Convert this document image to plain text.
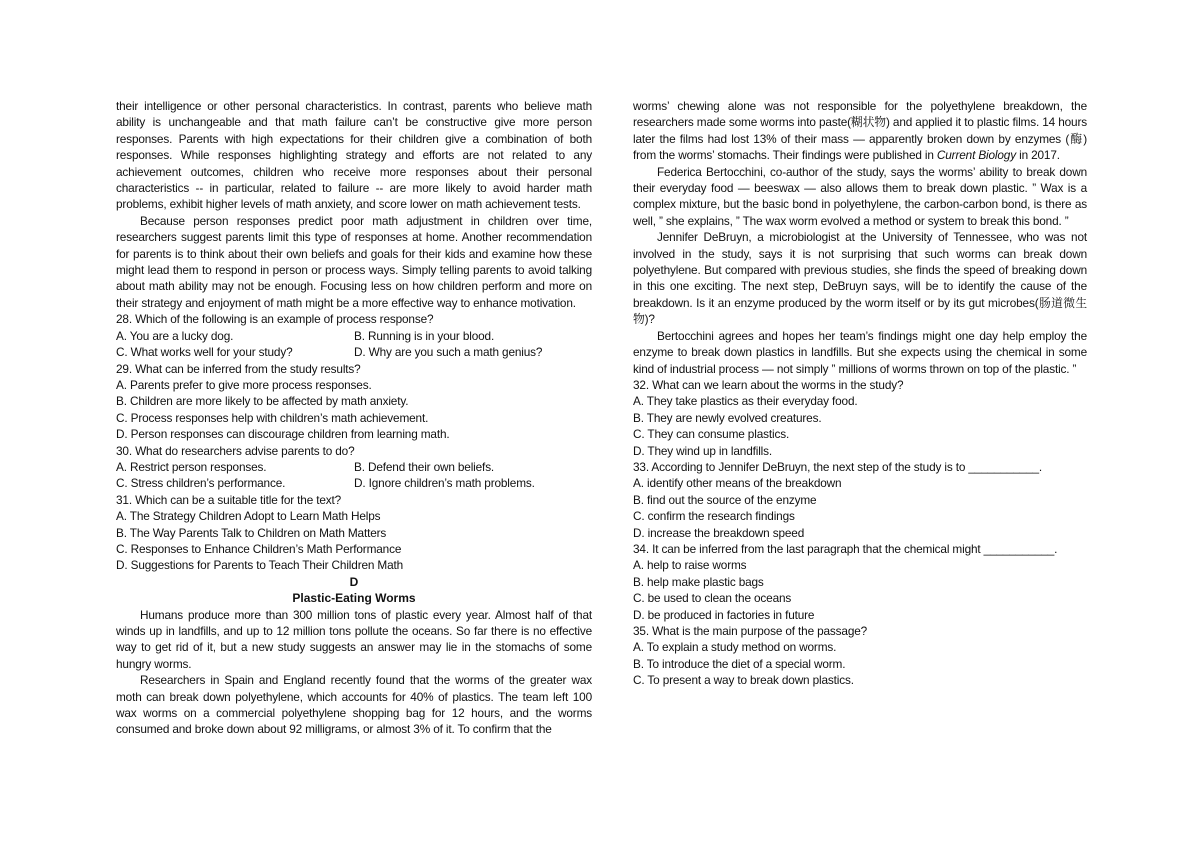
their intelligence or other personal characteristics. In contrast, parents who believe math ability is unchangeable and that math failure can’t be constructive give more person responses. Parents with high expectations for their children give a combination of both responses. While responses highlighting strategy and efforts are not related to any achievement outcomes, children who receive more responses about their personal characteristics -- in particular, related to failure -- are more likely to avoid harder math problems, exhibit higher levels of math anxiety, and score lower on math achievement tests.

Because person responses predict poor math adjustment in children over time, researchers suggest parents limit this type of responses at home. Another recommendation for parents is to think about their own beliefs and goals for their kids and examine how these might lead them to respond in person or process ways. Simply telling parents to avoid talking about math ability may not be enough. Focusing less on how children perform and more on their strategy and enjoyment of math might be a more effective way to enhance motivation.

28. Which of the following is an example of process response?
A. You are a lucky dog.	B. Running is in your blood.
C. What works well for your study?	D. Why are you such a math genius?
29. What can be inferred from the study results?
A. Parents prefer to give more process responses.
B. Children are more likely to be affected by math anxiety.
C. Process responses help with children’s math achievement.
D. Person responses can discourage children from learning math.
30. What do researchers advise parents to do?
A. Restrict person responses.	B. Defend their own beliefs.
C. Stress children’s performance.	D. Ignore children’s math problems.
31. Which can be a suitable title for the text?
A. The Strategy Children Adopt to Learn Math Helps
B. The Way Parents Talk to Children on Math Matters
C. Responses to Enhance Children’s Math Performance
D. Suggestions for Parents to Teach Their Children Math
D
Plastic-Eating Worms

Humans produce more than 300 million tons of plastic every year. Almost half of that winds up in landfills, and up to 12 million tons pollute the oceans. So far there is no effective way to get rid of it, but a new study suggests an answer may lie in the stomachs of some hungry worms.

Researchers in Spain and England recently found that the worms of the greater wax moth can break down polyethylene, which accounts for 40% of plastics. The team left 100 wax worms on a commercial polyethylene shopping bag for 12 hours, and the worms consumed and broke down about 92 milligrams, or almost 3% of it. To confirm that the

worms’ chewing alone was not responsible for the polyethylene breakdown, the researchers made some worms into paste(糊状物) and applied it to plastic films. 14 hours later the films had lost 13% of their mass — apparently broken down by enzymes (酶) from the worms’ stomachs. Their findings were published in Current Biology in 2017.

Federica Bertocchini, co-author of the study, says the worms’ ability to break down their everyday food — beeswax — also allows them to break down plastic. ” Wax is a complex mixture, but the basic bond in polyethylene, the carbon-carbon bond, is there as well, ” she explains, ” The wax worm evolved a method or system to break this bond. ”

Jennifer DeBruyn, a microbiologist at the University of Tennessee, who was not involved in the study, says it is not surprising that such worms can break down polyethylene. But compared with previous studies, she finds the speed of breaking down in this one exciting. The next step, DeBruyn says, will be to identify the cause of the breakdown. Is it an enzyme produced by the worm itself or by its gut microbes(肠道微生物)?

Bertocchini agrees and hopes her team’s findings might one day help employ the enzyme to break down plastics in landfills. But she expects using the chemical in some kind of industrial process — not simply ” millions of worms thrown on top of the plastic. ”

32. What can we learn about the worms in the study?
A. They take plastics as their everyday food.
B. They are newly evolved creatures.
C. They can consume plastics.
D. They wind up in landfills.
33. According to Jennifer DeBruyn, the next step of the study is to ___________.
A. identify other means of the breakdown
B. find out the source of the enzyme
C. confirm the research findings
D. increase the breakdown speed
34. It can be inferred from the last paragraph that the chemical might ___________.
A. help to raise worms
B. help make plastic bags
C. be used to clean the oceans
D. be produced in factories in future
35. What is the main purpose of the passage?
A. To explain a study method on worms.
B. To introduce the diet of a special worm.
C. To present a way to break down plastics.
